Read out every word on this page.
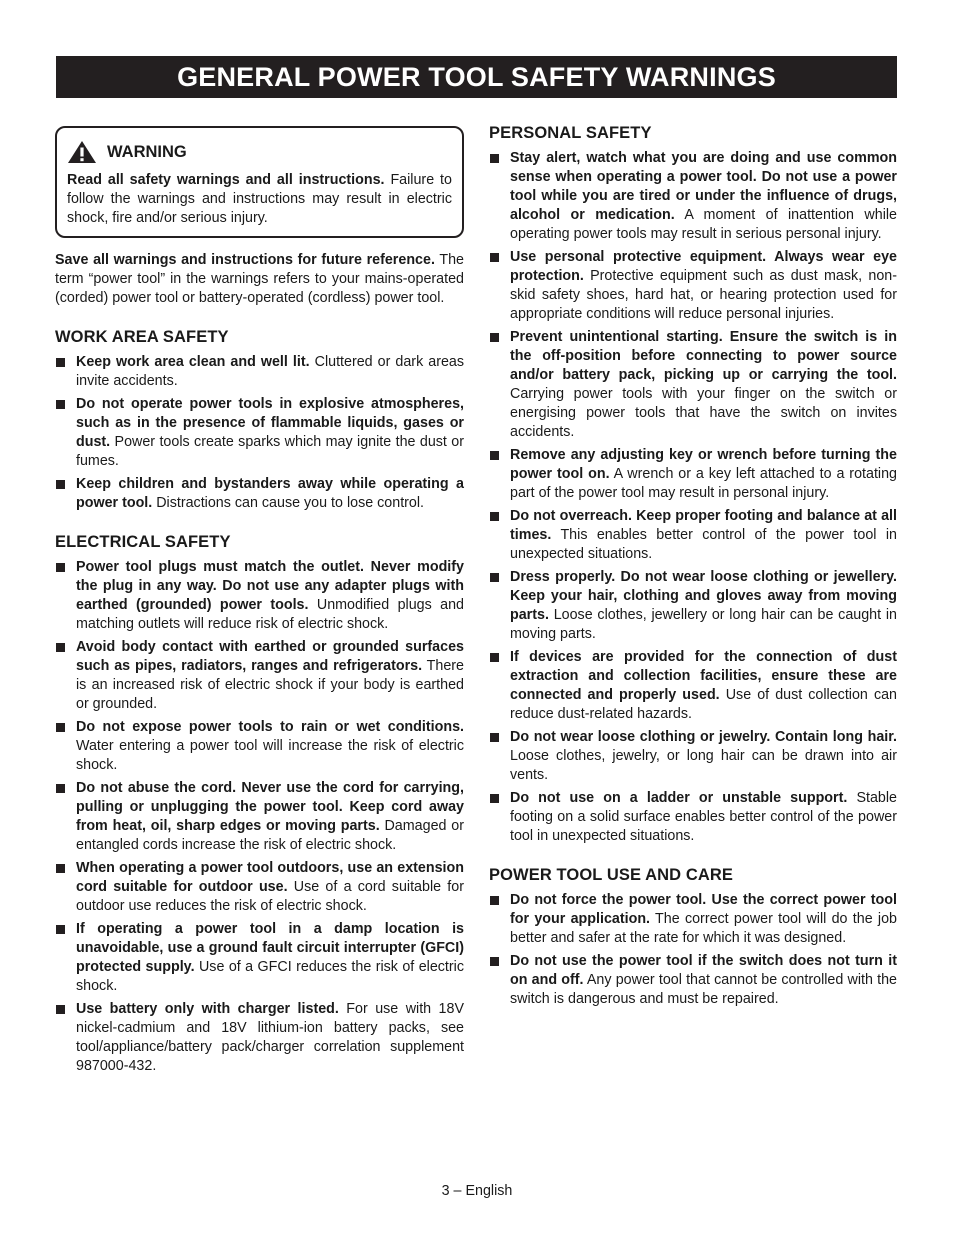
GENERAL POWER TOOL SAFETY WARNINGS
WARNING

Read all safety warnings and all instructions. Failure to follow the warnings and instructions may result in electric shock, fire and/or serious injury.

Save all warnings and instructions for future reference. The term “power tool” in the warnings refers to your mains-operated (corded) power tool or battery-operated (cordless) power tool.

WORK AREA SAFETY
Keep work area clean and well lit. Cluttered or dark areas invite accidents.
Do not operate power tools in explosive atmospheres, such as in the presence of flammable liquids, gases or dust. Power tools create sparks which may ignite the dust or fumes.
Keep children and bystanders away while operating a power tool. Distractions can cause you to lose control.
ELECTRICAL SAFETY
Power tool plugs must match the outlet. Never modify the plug in any way. Do not use any adapter plugs with earthed (grounded) power tools. Unmodified plugs and matching outlets will reduce risk of electric shock.
Avoid body contact with earthed or grounded surfaces such as pipes, radiators, ranges and refrigerators. There is an increased risk of electric shock if your body is earthed or grounded.
Do not expose power tools to rain or wet conditions. Water entering a power tool will increase the risk of electric shock.
Do not abuse the cord. Never use the cord for carrying, pulling or unplugging the power tool. Keep cord away from heat, oil, sharp edges or moving parts. Damaged or entangled cords increase the risk of electric shock.
When operating a power tool outdoors, use an extension cord suitable for outdoor use. Use of a cord suitable for outdoor use reduces the risk of electric shock.
If operating a power tool in a damp location is unavoidable, use a ground fault circuit interrupter (GFCI) protected supply. Use of a GFCI reduces the risk of electric shock.
Use battery only with charger listed. For use with 18V nickel-cadmium and 18V lithium-ion battery packs, see tool/appliance/battery pack/charger correlation supplement 987000-432.
PERSONAL SAFETY
Stay alert, watch what you are doing and use common sense when operating a power tool. Do not use a power tool while you are tired or under the influence of drugs, alcohol or medication. A moment of inattention while operating power tools may result in serious personal injury.
Use personal protective equipment. Always wear eye protection. Protective equipment such as dust mask, non-skid safety shoes, hard hat, or hearing protection used for appropriate conditions will reduce personal injuries.
Prevent unintentional starting. Ensure the switch is in the off-position before connecting to power source and/or battery pack, picking up or carrying the tool. Carrying power tools with your finger on the switch or energising power tools that have the switch on invites accidents.
Remove any adjusting key or wrench before turning the power tool on. A wrench or a key left attached to a rotating part of the power tool may result in personal injury.
Do not overreach. Keep proper footing and balance at all times. This enables better control of the power tool in unexpected situations.
Dress properly. Do not wear loose clothing or jewellery. Keep your hair, clothing and gloves away from moving parts. Loose clothes, jewellery or long hair can be caught in moving parts.
If devices are provided for the connection of dust extraction and collection facilities, ensure these are connected and properly used. Use of dust collection can reduce dust-related hazards.
Do not wear loose clothing or jewelry. Contain long hair. Loose clothes, jewelry, or long hair can be drawn into air vents.
Do not use on a ladder or unstable support. Stable footing on a solid surface enables better control of the power tool in unexpected situations.
POWER TOOL USE AND CARE
Do not force the power tool. Use the correct power tool for your application. The correct power tool will do the job better and safer at the rate for which it was designed.
Do not use the power tool if the switch does not turn it on and off. Any power tool that cannot be controlled with the switch is dangerous and must be repaired.
3 – English
